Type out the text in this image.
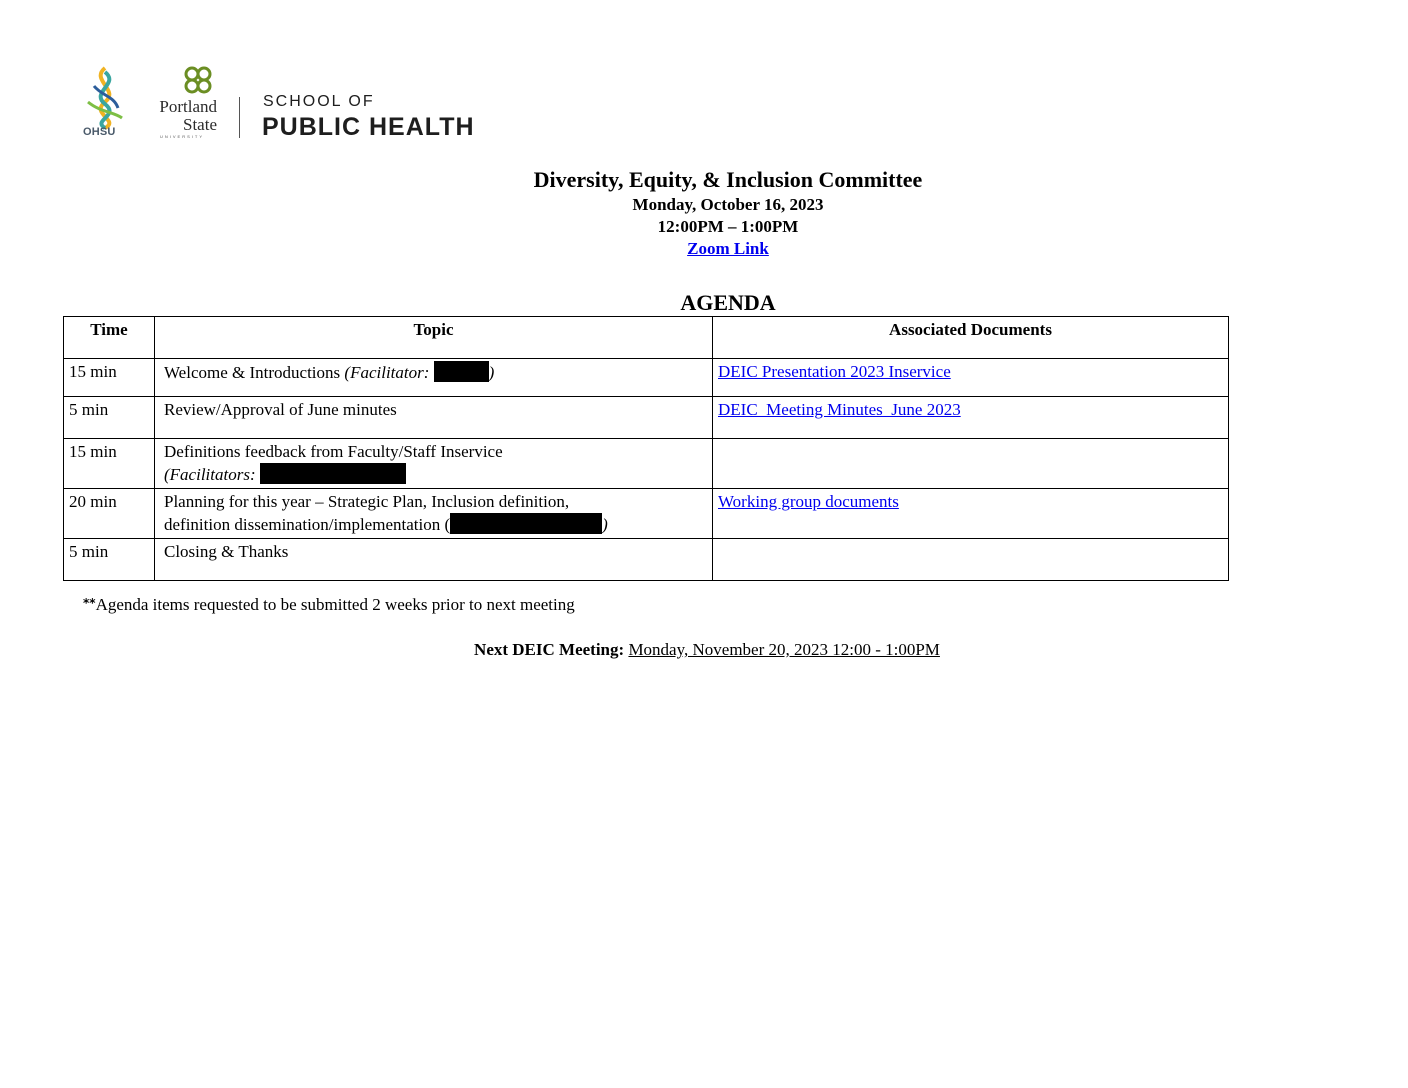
OHSU
Portland
State
UNIVERSITY
SCHOOL OF
PUBLIC HEALTH
Diversity, Equity, & Inclusion Committee
Monday, October 16, 2023
12:00PM – 1:00PM
Zoom Link
AGENDA
Time	Topic	Associated Documents
15 min	Welcome & Introductions (Facilitator: )	DEIC Presentation 2023 Inservice
5 min	Review/Approval of June minutes	DEIC_Meeting Minutes_June 2023
15 min	Definitions feedback from Faculty/Staff Inservice
(Facilitators:	
20 min	Planning for this year – Strategic Plan, Inclusion definition,
definition dissemination/implementation ( )	Working group documents
5 min	Closing & Thanks	
**Agenda items requested to be submitted 2 weeks prior to next meeting
Next DEIC Meeting: Monday, November 20, 2023 12:00 - 1:00PM
